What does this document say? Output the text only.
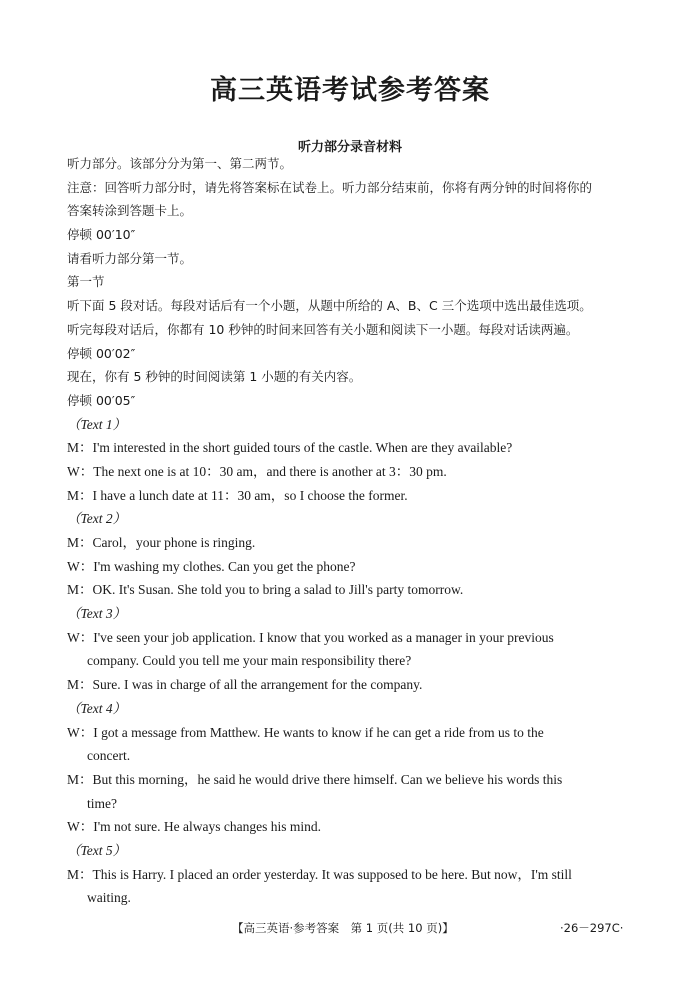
高三英语考试参考答案
听力部分录音材料
听力部分。该部分分为第一、第二两节。
注意：回答听力部分时，请先将答案标在试卷上。听力部分结束前，你将有两分钟的时间将你的
答案转涂到答题卡上。
停顿 00′10″
请看听力部分第一节。
第一节
听下面 5 段对话。每段对话后有一个小题，从题中所给的 A、B、C 三个选项中选出最佳选项。
听完每段对话后，你都有 10 秒钟的时间来回答有关小题和阅读下一小题。每段对话读两遍。
停顿 00′02″
现在，你有 5 秒钟的时间阅读第 1 小题的有关内容。
停顿 00′05″
（Text 1）
M：I'm interested in the short guided tours of the castle. When are they available?
W：The next one is at 10：30 am，and there is another at 3：30 pm.
M：I have a lunch date at 11：30 am，so I choose the former.
（Text 2）
M：Carol，your phone is ringing.
W：I'm washing my clothes. Can you get the phone?
M：OK. It's Susan. She told you to bring a salad to Jill's party tomorrow.
（Text 3）
W：I've seen your job application. I know that you worked as a manager in your previous
company. Could you tell me your main responsibility there?
M：Sure. I was in charge of all the arrangement for the company.
（Text 4）
W：I got a message from Matthew. He wants to know if he can get a ride from us to the
concert.
M：But this morning，he said he would drive there himself. Can we believe his words this
time?
W：I'm not sure. He always changes his mind.
（Text 5）
M：This is Harry. I placed an order yesterday. It was supposed to be here. But now，I'm still
waiting.
【高三英语·参考答案　第 1 页(共 10 页)】	·26－297C·
